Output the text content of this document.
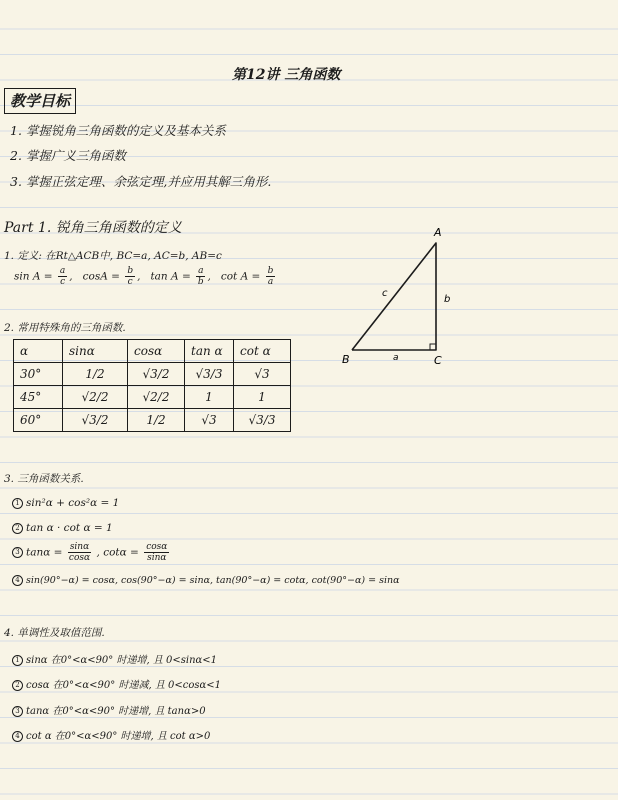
第12讲 三角函数
教学目标
1. 掌握锐角三角函数的定义及基本关系
2. 掌握广义三角函数
3. 掌握正弦定理、余弦定理,并应用其解三角形.
Part 1. 锐角三角函数的定义
1. 定义: 在Rt△ACB中, BC=a, AC=b, AB=c
$\sin A = \frac{a}{c}$ , $\cos A = \frac{b}{c}$ , $\tan A = \frac{a}{b}$ , $\cot A = \frac{b}{a}$
A
B	C
a
b
c
2. 常用特殊角的三角函数.
α	sinα	cosα	tan α	cot α
30°	1/2	√3/2	√3/3	√3
45°	√2/2	√2/2	1	1
60°	√3/2	1/2	√3	√3/3
3. 三角函数关系.
1 sin²α + cos²α = 1
2 tan α · cot α = 1
3 $\tan\alpha = \frac{\sin\alpha}{\cos\alpha}$ , $\cot\alpha = \frac{\cos\alpha}{\sin\alpha}$
4 sin(90°−α) = cosα, cos(90°−α) = sinα, tan(90°−α) = cotα, cot(90°−α) = sinα
4. 单调性及取值范围.
1 sinα 在0°<α<90° 时递增, 且 0<sinα<1
2 cosα 在0°<α<90° 时递减, 且 0<cosα<1
3 tanα 在0°<α<90° 时递增, 且 tanα>0
4 cot α 在0°<α<90° 时递增, 且 cot α>0
